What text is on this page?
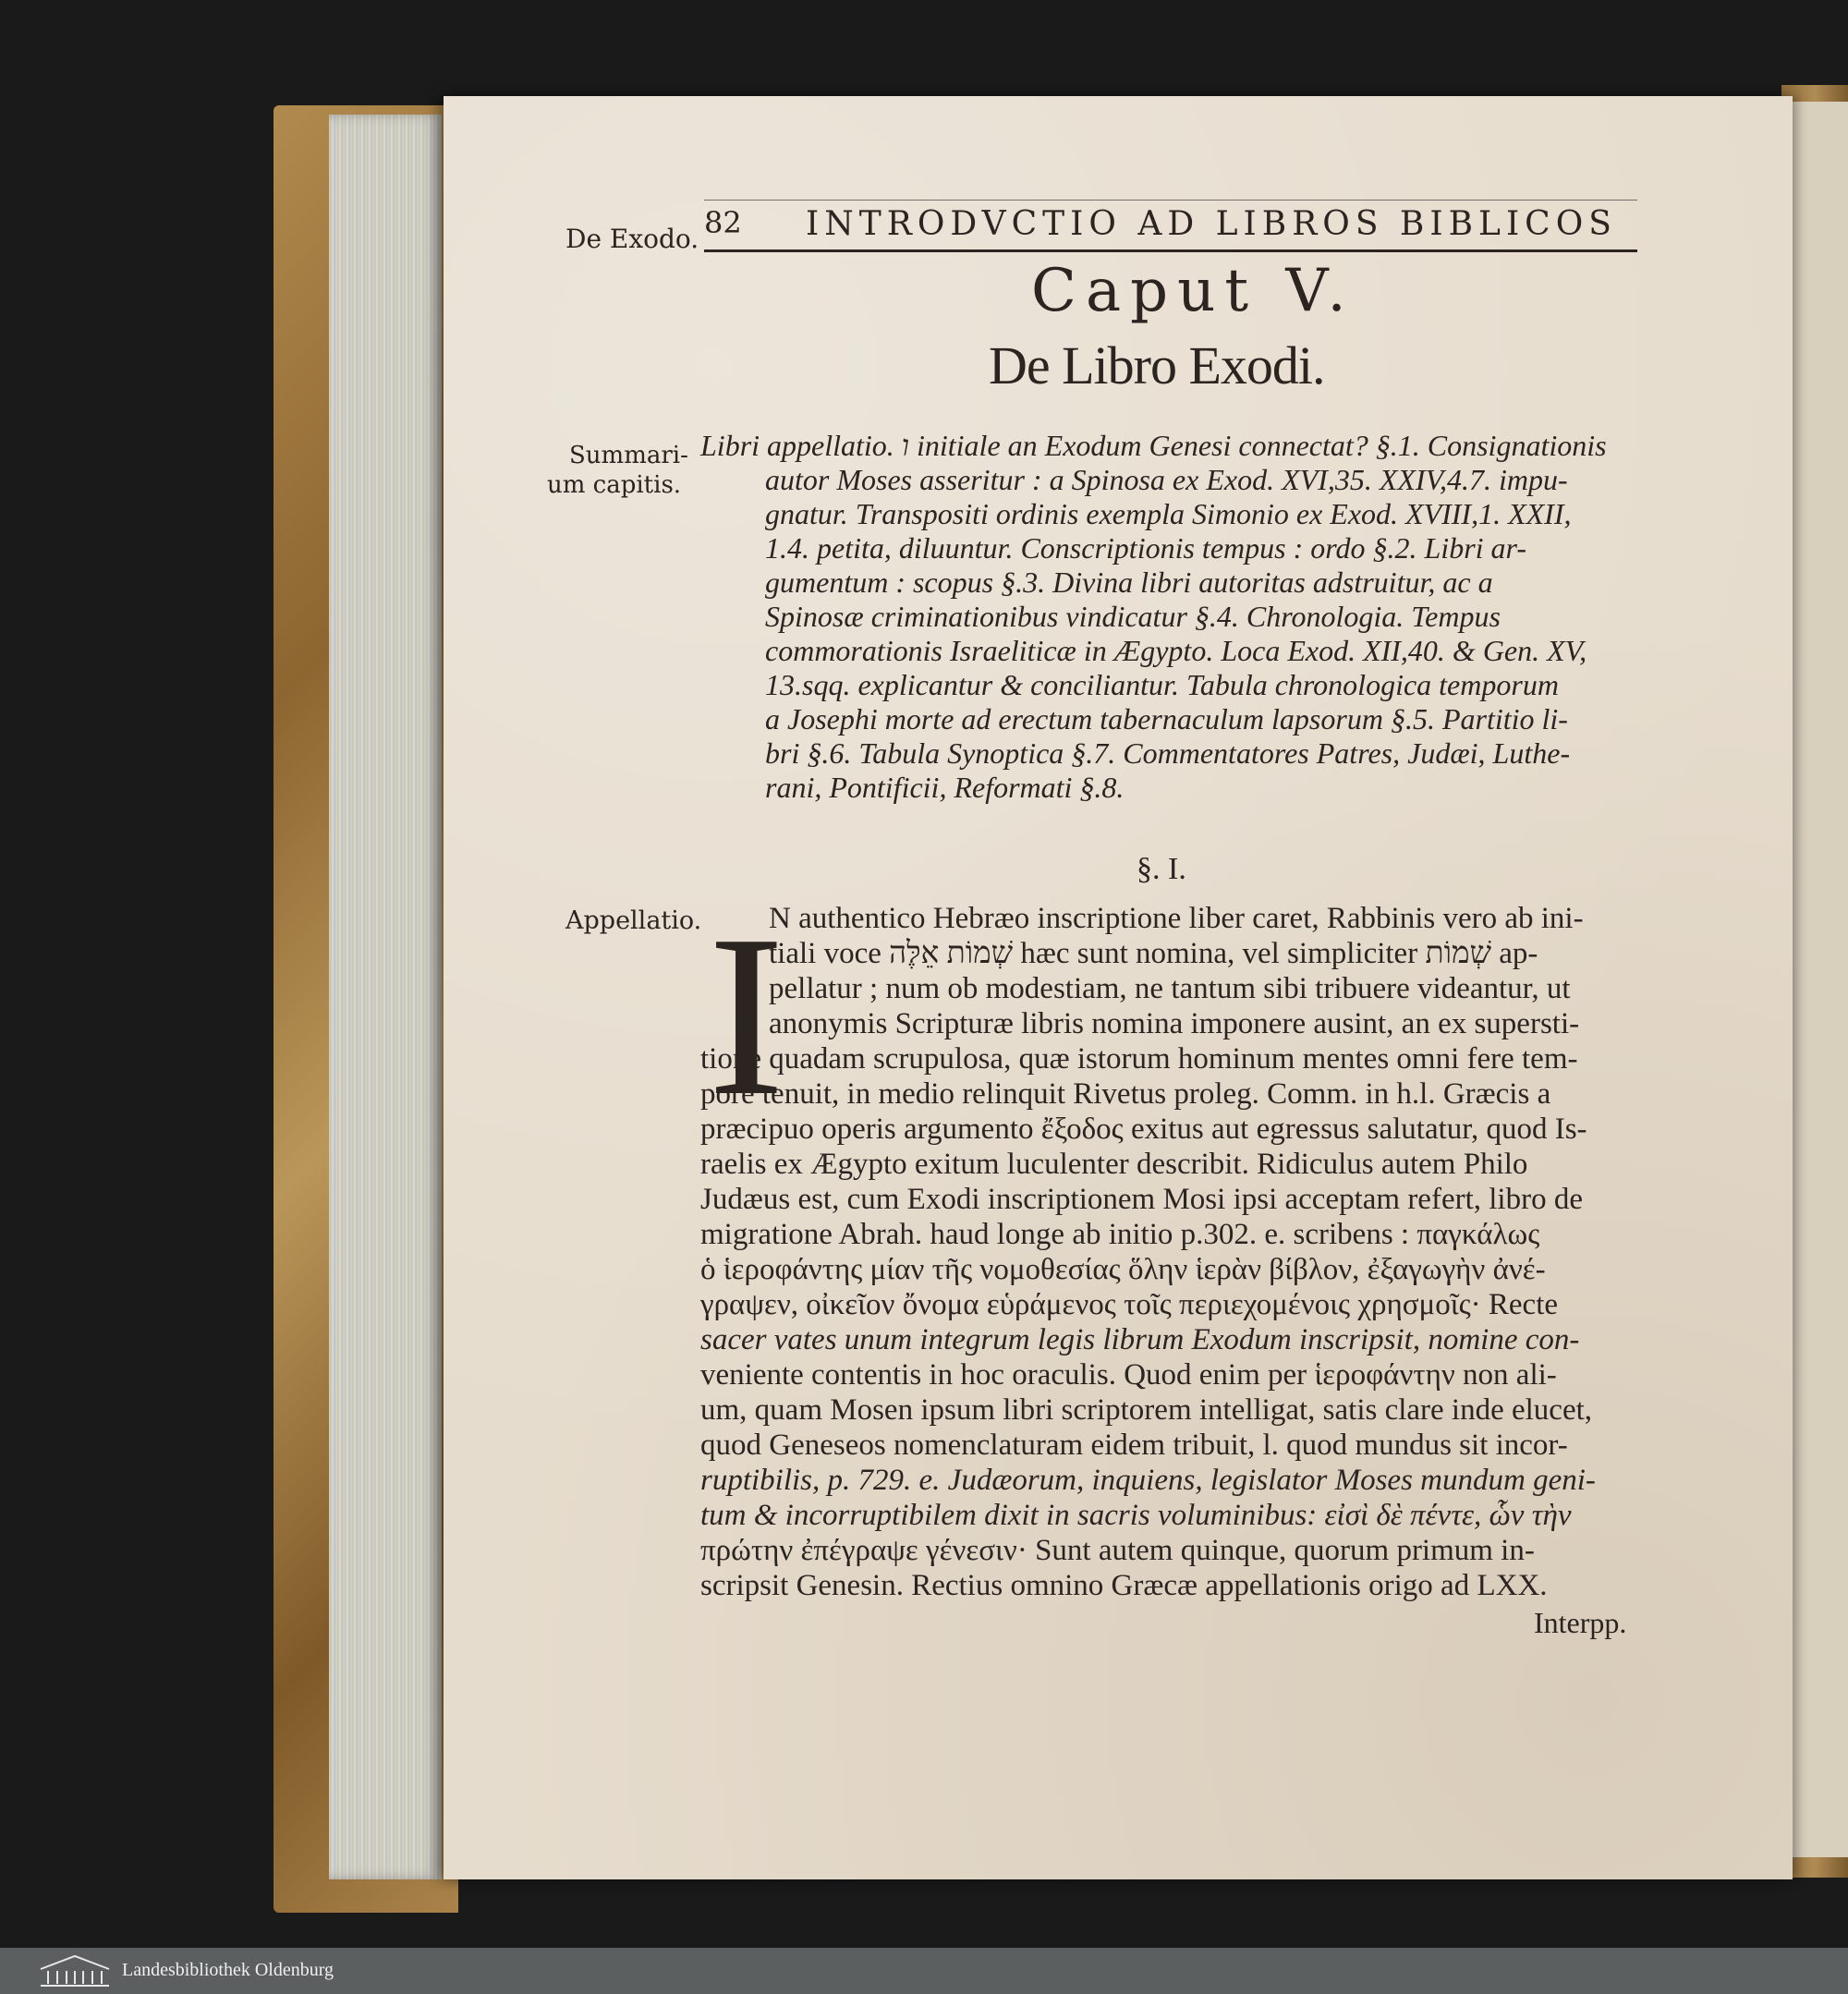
De Exodo. 82 INTRODVCTIO AD LIBROS BIBLICOS
Caput V.
De Libro Exodi.
Summari-
um capitis.
Libri appellatio. ו initiale an Exodum Genesi connectat? §.1. Consignationis
autor Moses asseritur : a Spinosa ex Exod. XVI,35. XXIV,4.7. impu-
gnatur. Transpositi ordinis exempla Simonio ex Exod. XVIII,1. XXII,
1.4. petita, diluuntur. Conscriptionis tempus : ordo §.2. Libri ar-
gumentum : scopus §.3. Divina libri autoritas adstruitur, ac a
Spinosæ criminationibus vindicatur §.4. Chronologia. Tempus
commorationis Israeliticæ in Ægypto. Loca Exod. XII,40. & Gen. XV,
13.sqq. explicantur & conciliantur. Tabula chronologica temporum
a Josephi morte ad erectum tabernaculum lapsorum §.5. Partitio li-
bri §.6. Tabula Synoptica §.7. Commentatores Patres, Judæi, Luthe-
rani, Pontificii, Reformati §.8.
§. I.
Appellatio. I
N authentico Hebræo inscriptione liber caret, Rabbinis vero ab ini-
tiali voce שְׁמוֹת אֵלֶּה hæc sunt nomina, vel simpliciter שְׁמוֹת ap-
pellatur ; num ob modestiam, ne tantum sibi tribuere videantur, ut
anonymis Scripturæ libris nomina imponere ausint, an ex supersti-
tione quadam scrupulosa, quæ istorum hominum mentes omni fere tem-
pore tenuit, in medio relinquit Rivetus proleg. Comm. in h.l. Græcis a
præcipuo operis argumento ἔξοδος exitus aut egressus salutatur, quod Is-
raelis ex Ægypto exitum luculenter describit. Ridiculus autem Philo
Judæus est, cum Exodi inscriptionem Mosi ipsi acceptam refert, libro de
migratione Abrah. haud longe ab initio p.302. e. scribens : παγκάλως
ὁ ἱεροφάντης μίαν τῆς νομοθεσίας ὅλην ἱερὰν βίβλον, ἐξαγωγὴν ἀνέ-
γραψεν, οἰκεῖον ὄνομα εὑράμενος τοῖς περιεχομένοις χρησμοῖς· Recte
sacer vates unum integrum legis librum Exodum inscripsit, nomine con-
veniente contentis in hoc oraculis. Quod enim per ἱεροφάντην non ali-
um, quam Mosen ipsum libri scriptorem intelligat, satis clare inde elucet,
quod Geneseos nomenclaturam eidem tribuit, l. quod mundus sit incor-
ruptibilis, p. 729. e. Judæorum, inquiens, legislator Moses mundum geni-
tum & incorruptibilem dixit in sacris voluminibus: εἰσὶ δὲ πέντε, ὧν τὴν
πρώτην ἐπέγραψε γένεσιν· Sunt autem quinque, quorum primum in-
scripsit Genesin. Rectius omnino Græcæ appellationis origo ad LXX.
Interpp.
Landesbibliothek Oldenburg
